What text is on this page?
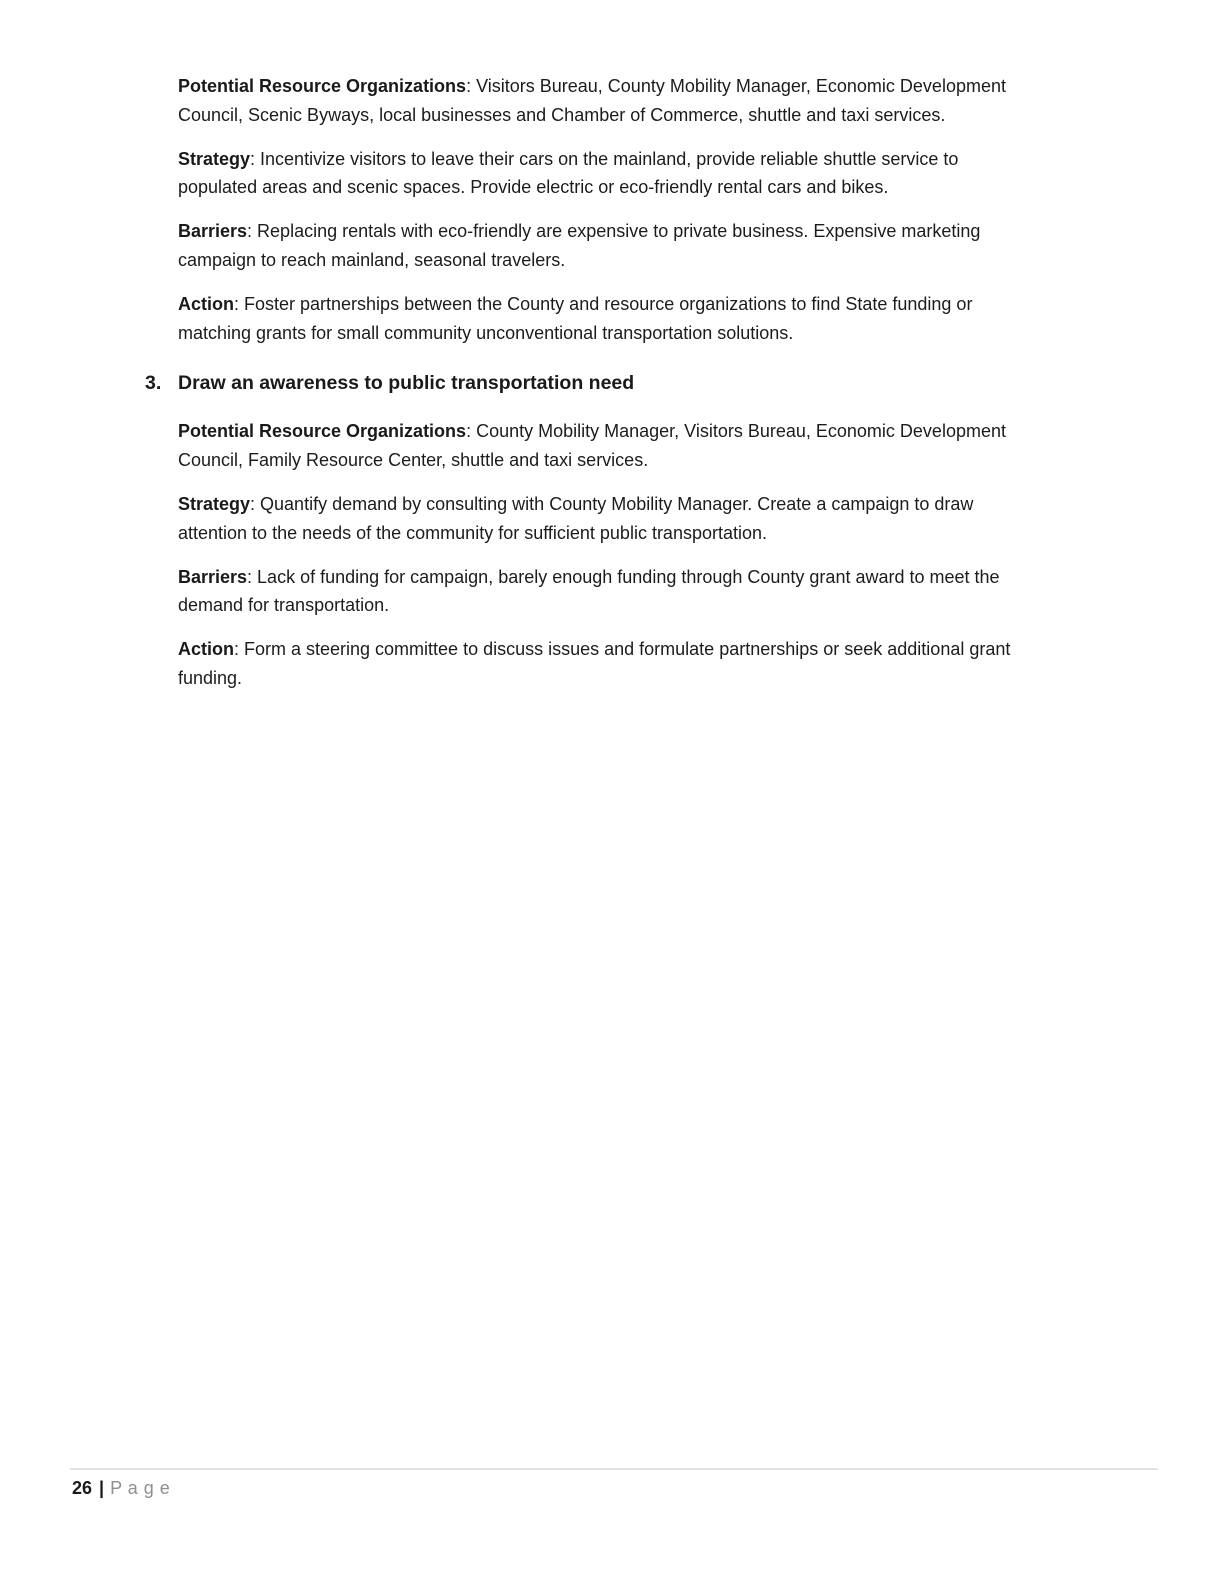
Potential Resource Organizations: Visitors Bureau, County Mobility Manager, Economic Development
Council, Scenic Byways, local businesses and Chamber of Commerce, shuttle and taxi services.

Strategy: Incentivize visitors to leave their cars on the mainland, provide reliable shuttle service to
populated areas and scenic spaces. Provide electric or eco-friendly rental cars and bikes.

Barriers: Replacing rentals with eco-friendly are expensive to private business. Expensive marketing
campaign to reach mainland, seasonal travelers.

Action: Foster partnerships between the County and resource organizations to find State funding or
matching grants for small community unconventional transportation solutions.

3. Draw an awareness to public transportation need

Potential Resource Organizations: County Mobility Manager, Visitors Bureau, Economic Development
Council, Family Resource Center, shuttle and taxi services.

Strategy: Quantify demand by consulting with County Mobility Manager. Create a campaign to draw
attention to the needs of the community for sufficient public transportation.

Barriers: Lack of funding for campaign, barely enough funding through County grant award to meet the
demand for transportation.

Action: Form a steering committee to discuss issues and formulate partnerships or seek additional grant
funding.

26 | P a g e
